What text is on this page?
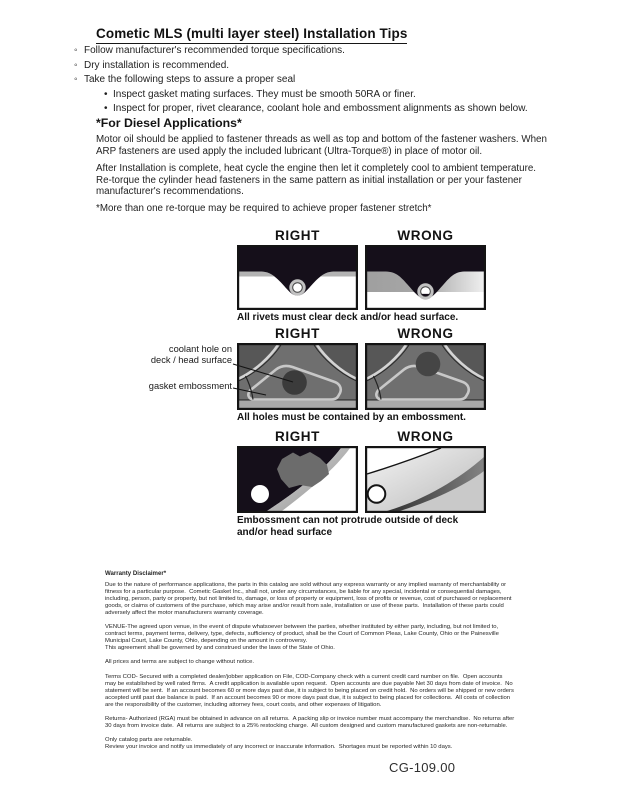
Cometic MLS (multi layer steel) Installation Tips
◦ Follow manufacturer's recommended torque specifications.
◦ Dry installation is recommended.
◦ Take the following steps to assure a proper seal
• Inspect gasket mating surfaces. They must be smooth 50RA or finer.
• Inspect for proper, rivet clearance, coolant hole and embossment alignments as shown below.
*For Diesel Applications*
Motor oil should be applied to fastener threads as well as top and bottom of the fastener washers. When ARP fasteners are used apply the included lubricant (Ultra-Torque®) in place of motor oil.
After Installation is complete, heat cycle the engine then let it completely cool to ambient temperature. Re-torque the cylinder head fasteners in the same pattern as initial installation or per your fastener manufacturer's recommendations.
*More than one re-torque may be required to achieve proper fastener stretch*
RIGHT	WRONG
All rivets must clear deck and/or head surface.
coolant hole on
deck / head surface
gasket embossment
RIGHT	WRONG
All holes must be contained by an embossment.
RIGHT	WRONG
Embossment can not protrude outside of deck and/or head surface
Warranty Disclaimer*

Due to the nature of performance applications, the parts in this catalog are sold without any express warranty or any implied warranty of merchantability or fitness for a particular purpose.  Cometic Gasket Inc., shall not, under any circumstances, be liable for any special, incidental or consequential damages, including, person, party or property, but not limited to, damage, or loss of property or equipment, loss of profits or revenue, cost of purchased or replacement goods, or claims of customers of the purchase, which may arise and/or result from sale, installation or use of these parts.  Installation of these parts could adversely affect the motor manufacturers warranty coverage.

VENUE-The agreed upon venue, in the event of dispute whatsoever between the parties, whether instituted by either party, including, but not limited to, contract terms, payment terms, delivery, type, defects, sufficiency of product, shall be the Court of Common Pleas, Lake County, Ohio or the Painesville Municipal Court, Lake County, Ohio, depending on the amount in controversy.

This agreement shall be governed by and construed under the laws of the State of Ohio.

All prices and terms are subject to change without notice.

Terms COD- Secured with a completed dealer/jobber application on File, COD-Company check with a current credit card number on file.  Open accounts may be established by well rated firms.  A credit application is available upon request.  Open accounts are due payable Net 30 days from date of invoice.  No statement will be sent.  If an account becomes 60 or more days past due, it is subject to being placed on credit hold.  No orders will be shipped or new orders accepted until past due balance is paid.  If an account becomes 90 or more days past due, it is subject to being placed for collections.  All costs of collection are the responsibility of the customer, including attorney fees, court costs, and other expenses of litigation.

Returns- Authorized (RGA) must be obtained in advance on all returns.  A packing slip or invoice number must accompany the merchandise.  No returns after 30 days from invoice date.  All returns are subject to a 25% restocking charge.  All custom designed and custom manufactured gaskets are non-returnable.

Only catalog parts are returnable.

Review your invoice and notify us immediately of any incorrect or inaccurate information.  Shortages must be reported within 10 days.

CG-109.00
